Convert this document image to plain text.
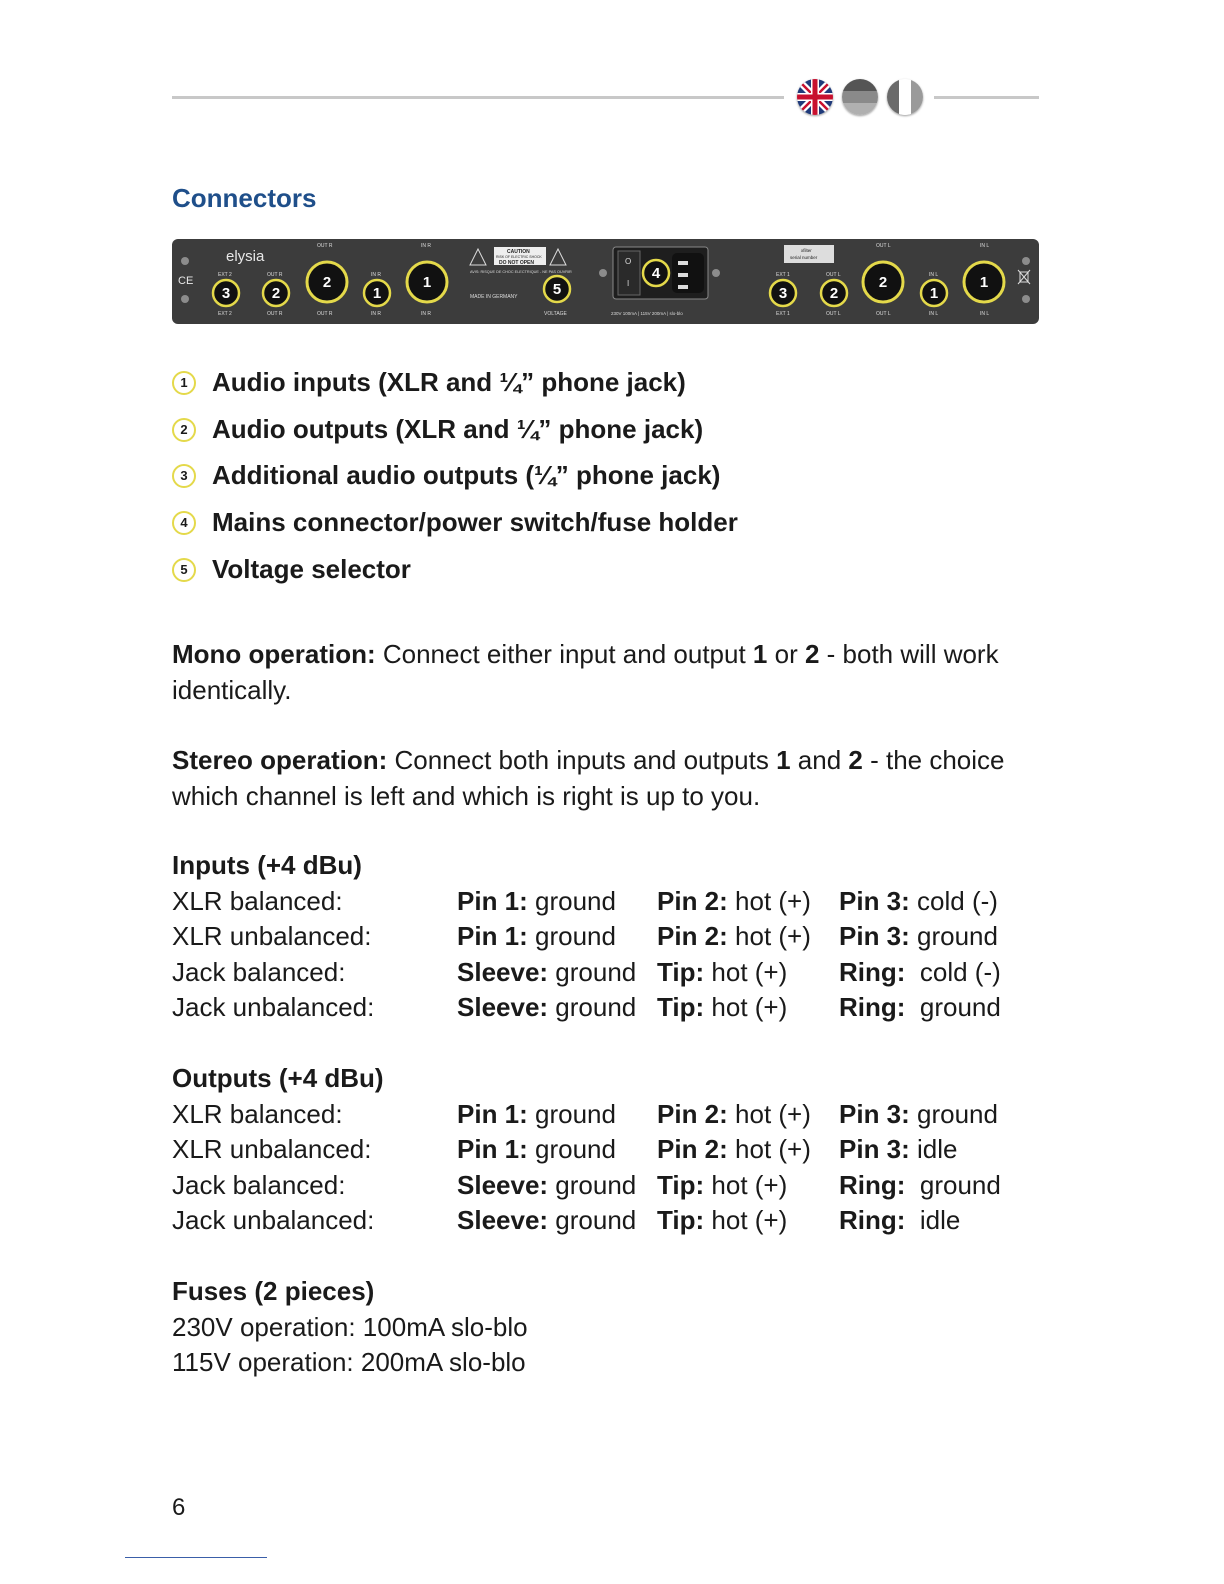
Connectors
elysia
CE	EXT 2
EXT 2
OUT R
OUT R
OUT R
OUT R
IN R
IN R
IN R
IN R
CAUTION
RISK OF ELECTRIC SHOCK
DO NOT OPEN
AVIS: RISQUE DE CHOC ELECTRIQUE - NE PAS OUVRIR
MADE IN GERMANY
VOLTAGE
O
I
230V 100mA | 115V 200mA | slo-blo
xfilter
serial number
EXT 1
EXT 1
OUT L
OUT L
OUT L
OUT L
IN L
IN L
IN L
IN L
3	2
2
1
1	5
4
3	2
2
1
1
1 Audio inputs (XLR and ¼” phone jack)
2 Audio outputs (XLR and ¼” phone jack)
3 Additional audio outputs (¼” phone jack)
4 Mains connector/power switch/fuse holder
5 Voltage selector
Mono operation: Connect either input and output 1 or 2 - both will work identically.
Stereo operation: Connect both inputs and outputs 1 and 2 - the choice which channel is left and which is right is up to you.
Inputs (+4 dBu)
XLR balanced:	Pin 1: ground Pin 2: hot (+) Pin 3: cold (-)
XLR unbalanced:	Pin 1: ground Pin 2: hot (+) Pin 3: ground
Jack balanced:	Sleeve: ground Tip: hot (+) Ring:  cold (-)
Jack unbalanced:	Sleeve: ground Tip: hot (+) Ring:  ground
Outputs (+4 dBu)
XLR balanced:	Pin 1: ground Pin 2: hot (+) Pin 3: ground
XLR unbalanced:	Pin 1: ground Pin 2: hot (+) Pin 3: idle
Jack balanced:	Sleeve: ground Tip: hot (+) Ring:  ground
Jack unbalanced:	Sleeve: ground Tip: hot (+) Ring:  idle
Fuses (2 pieces)
230V operation: 100mA slo-blo
115V operation: 200mA slo-blo
6
